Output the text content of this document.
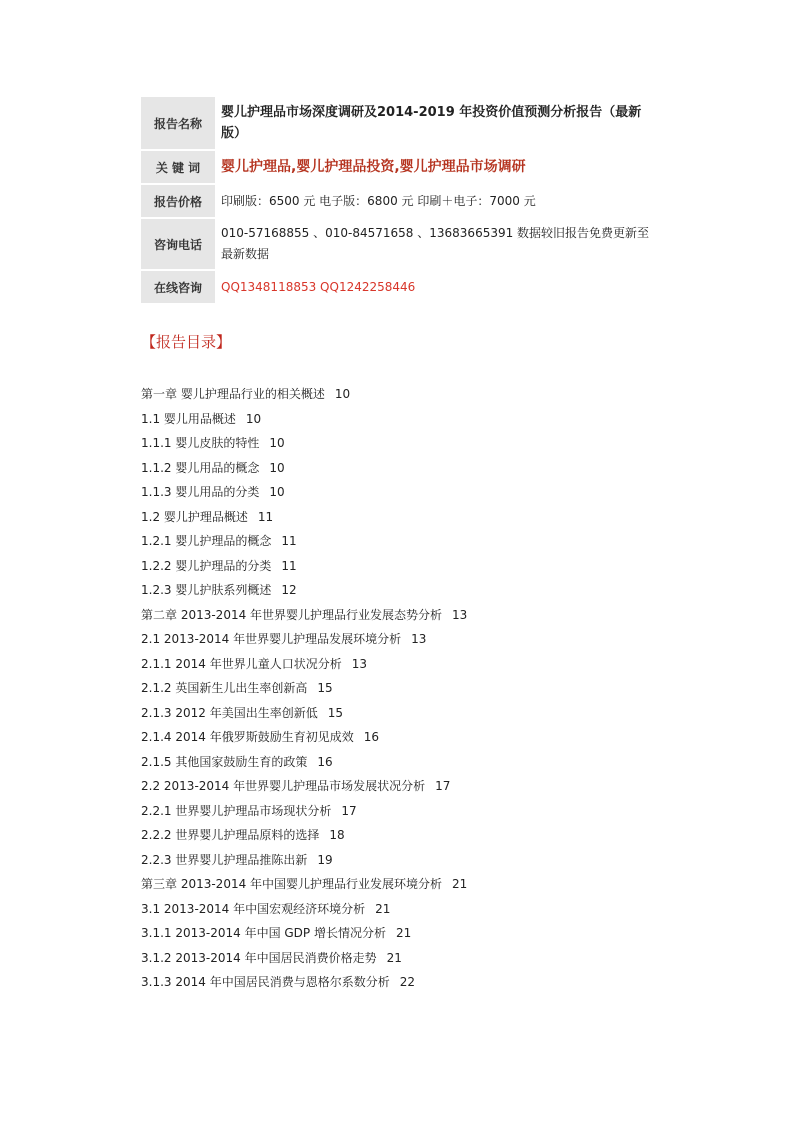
报告名称	婴儿护理品市场深度调研及2014-2019 年投资价值预测分析报告（最新版）
关 键 词	婴儿护理品,婴儿护理品投资,婴儿护理品市场调研
报告价格	印刷版：6500 元 电子版：6800 元 印刷＋电子：7000 元
咨询电话	010-57168855 、010-84571658 、13683665391 数据较旧报告免费更新至最新数据
在线咨询	QQ1348118853 QQ1242258446
【报告目录】
第一章 婴儿护理品行业的相关概述 10
1.1 婴儿用品概述 10
1.1.1 婴儿皮肤的特性 10
1.1.2 婴儿用品的概念 10
1.1.3 婴儿用品的分类 10
1.2 婴儿护理品概述 11
1.2.1 婴儿护理品的概念 11
1.2.2 婴儿护理品的分类 11
1.2.3 婴儿护肤系列概述 12
第二章 2013-2014 年世界婴儿护理品行业发展态势分析 13
2.1 2013-2014 年世界婴儿护理品发展环境分析 13
2.1.1 2014 年世界儿童人口状况分析 13
2.1.2 英国新生儿出生率创新高 15
2.1.3 2012 年美国出生率创新低 15
2.1.4 2014 年俄罗斯鼓励生育初见成效 16
2.1.5 其他国家鼓励生育的政策 16
2.2 2013-2014 年世界婴儿护理品市场发展状况分析 17
2.2.1 世界婴儿护理品市场现状分析 17
2.2.2 世界婴儿护理品原料的选择 18
2.2.3 世界婴儿护理品推陈出新 19
第三章 2013-2014 年中国婴儿护理品行业发展环境分析 21
3.1 2013-2014 年中国宏观经济环境分析 21
3.1.1 2013-2014 年中国 GDP 增长情况分析 21
3.1.2 2013-2014 年中国居民消费价格走势 21
3.1.3 2014 年中国居民消费与恩格尔系数分析 22
